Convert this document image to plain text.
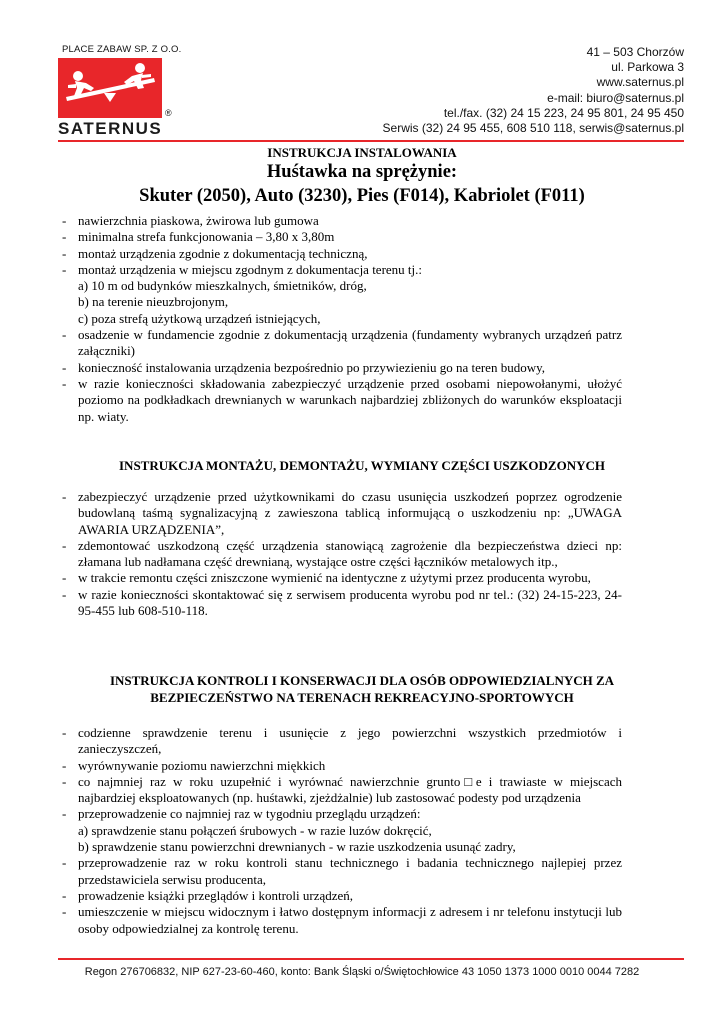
PLACE ZABAW SP. Z O.O.
®
SATERNUS
41 – 503 Chorzów
ul. Parkowa 3
www.saternus.pl
e-mail: biuro@saternus.pl
tel./fax. (32) 24 15 223, 24 95 801, 24 95 450
Serwis (32) 24 95 455, 608 510 118, serwis@saternus.pl
INSTRUKCJA INSTALOWANIA
Huśtawka na sprężynie:
Skuter (2050), Auto (3230), Pies (F014), Kabriolet (F011)
- nawierzchnia piaskowa, żwirowa lub gumowa
- minimalna strefa funkcjonowania – 3,80 x 3,80m
- montaż urządzenia zgodnie z dokumentacją techniczną,
- montaż urządzenia w miejscu zgodnym z dokumentacja terenu tj.:
a) 10 m od budynków mieszkalnych, śmietników, dróg,
b) na terenie nieuzbrojonym,
c) poza strefą użytkową urządzeń istniejących,
- osadzenie w fundamencie zgodnie z dokumentacją urządzenia (fundamenty wybranych urządzeń patrz załączniki)
- konieczność instalowania urządzenia bezpośrednio po przywiezieniu go na teren budowy,
- w razie konieczności składowania zabezpieczyć urządzenie przed osobami niepowołanymi, ułożyć poziomo na podkładkach drewnianych w warunkach najbardziej zbliżonych do warunków eksploatacji np. wiaty.
INSTRUKCJA MONTAŻU, DEMONTAŻU, WYMIANY CZĘŚCI USZKODZONYCH
- zabezpieczyć urządzenie przed użytkownikami do czasu usunięcia uszkodzeń poprzez ogrodzenie budowlaną taśmą sygnalizacyjną z zawieszona tablicą informującą o uszkodzeniu np: „UWAGA AWARIA URZĄDZENIA”,
- zdemontować uszkodzoną część urządzenia stanowiącą zagrożenie dla bezpieczeństwa dzieci np: złamana lub nadłamana część drewnianą, wystające ostre części łączników metalowych itp.,
- w trakcie remontu części zniszczone wymienić na identyczne z użytymi przez producenta wyrobu,
- w razie konieczności skontaktować się z serwisem producenta wyrobu pod nr tel.: (32) 24-15-223, 24-95-455 lub 608-510-118.
INSTRUKCJA KONTROLI I KONSERWACJI DLA OSÓB ODPOWIEDZIALNYCH ZA
BEZPIECZEŃSTWO NA TERENACH REKREACYJNO-SPORTOWYCH
- codzienne sprawdzenie terenu i usunięcie z jego powierzchni wszystkich przedmiotów i zanieczyszczeń,
- wyrównywanie poziomu nawierzchni miękkich
- co najmniej raz w roku uzupełnić i wyrównać nawierzchnie grunto□e i trawiaste w miejscach najbardziej eksploatowanych (np. huśtawki, zjeżdżalnie) lub zastosować podesty pod urządzenia
- przeprowadzenie co najmniej raz w tygodniu przeglądu urządzeń:
a) sprawdzenie stanu połączeń śrubowych - w razie luzów dokręcić,
b) sprawdzenie stanu powierzchni drewnianych - w razie uszkodzenia usunąć zadry,
- przeprowadzenie raz w roku kontroli stanu technicznego i badania technicznego najlepiej przez przedstawiciela serwisu producenta,
- prowadzenie książki przeglądów i kontroli urządzeń,
- umieszczenie w miejscu widocznym i łatwo dostępnym informacji z adresem i nr telefonu instytucji lub osoby odpowiedzialnej za kontrolę terenu.
Regon 276706832, NIP 627-23-60-460, konto: Bank Śląski o/Świętochłowice 43 1050 1373 1000 0010 0044 7282
